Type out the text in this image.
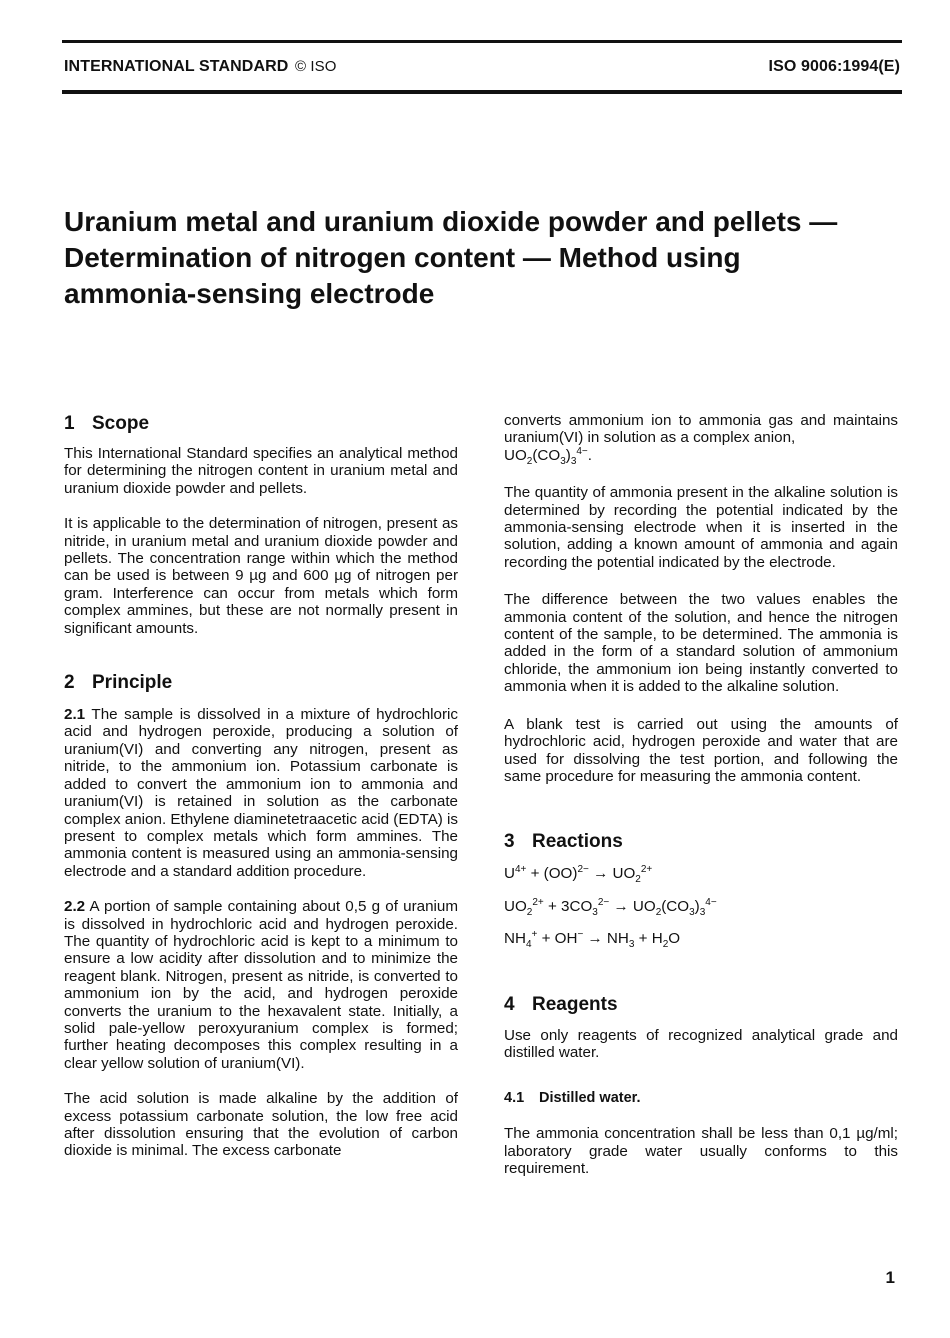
INTERNATIONAL STANDARD © ISO	ISO 9006:1994(E)
Uranium metal and uranium dioxide powder and pellets —
Determination of nitrogen content — Method using
ammonia-sensing electrode
1 Scope

This International Standard specifies an analytical method for determining the nitrogen content in uranium metal and uranium dioxide powder and pellets.

It is applicable to the determination of nitrogen, present as nitride, in uranium metal and uranium dioxide powder and pellets. The concentration range within which the method can be used is between 9 µg and 600 µg of nitrogen per gram. Interference can occur from metals which form complex ammines, but these are not normally present in significant amounts.

2 Principle

2.1 The sample is dissolved in a mixture of hydrochloric acid and hydrogen peroxide, producing a solution of uranium(VI) and converting any nitrogen, present as nitride, to the ammonium ion. Potassium carbonate is added to convert the ammonium ion to ammonia and uranium(VI) is retained in solution as the carbonate complex anion. Ethylene diaminetetraacetic acid (EDTA) is present to complex metals which form ammines. The ammonia content is measured using an ammonia-sensing electrode and a standard addition procedure.

2.2 A portion of sample containing about 0,5 g of uranium is dissolved in hydrochloric acid and hydrogen peroxide. The quantity of hydrochloric acid is kept to a minimum to ensure a low acidity after dissolution and to minimize the reagent blank. Nitrogen, present as nitride, is converted to ammonium ion by the acid, and hydrogen peroxide converts the uranium to the hexavalent state. Initially, a solid pale-yellow peroxyuranium complex is formed; further heating decomposes this complex resulting in a clear yellow solution of uranium(VI).

The acid solution is made alkaline by the addition of excess potassium carbonate solution, the low free acid after dissolution ensuring that the evolution of carbon dioxide is minimal. The excess carbonate

converts ammonium ion to ammonia gas and maintains uranium(VI) in solution as a complex anion,
$UO_2(CO_3)_3^{4-}$.

The quantity of ammonia present in the alkaline solution is determined by recording the potential indicated by the ammonia-sensing electrode when it is inserted in the solution, adding a known amount of ammonia and again recording the potential indicated by the electrode.

The difference between the two values enables the ammonia content of the solution, and hence the nitrogen content of the sample, to be determined. The ammonia is added in the form of a standard solution of ammonium chloride, the ammonium ion being instantly converted to ammonia when it is added to the alkaline solution.

A blank test is carried out using the amounts of hydrochloric acid, hydrogen peroxide and water that are used for dissolving the test portion, and following the same procedure for measuring the ammonia content.

3 Reactions

$U^{4+} + (OO)^{2-} \to UO_2^{2+}$

$UO_2^{2+} + 3CO_3^{2-} \to UO_2(CO_3)_3^{4-}$

$NH_4^+ + OH^- \to NH_3 + H_2O$

4 Reagents

Use only reagents of recognized analytical grade and distilled water.

4.1 Distilled water.

The ammonia concentration shall be less than 0,1 µg/ml; laboratory grade water usually conforms to this requirement.

1
